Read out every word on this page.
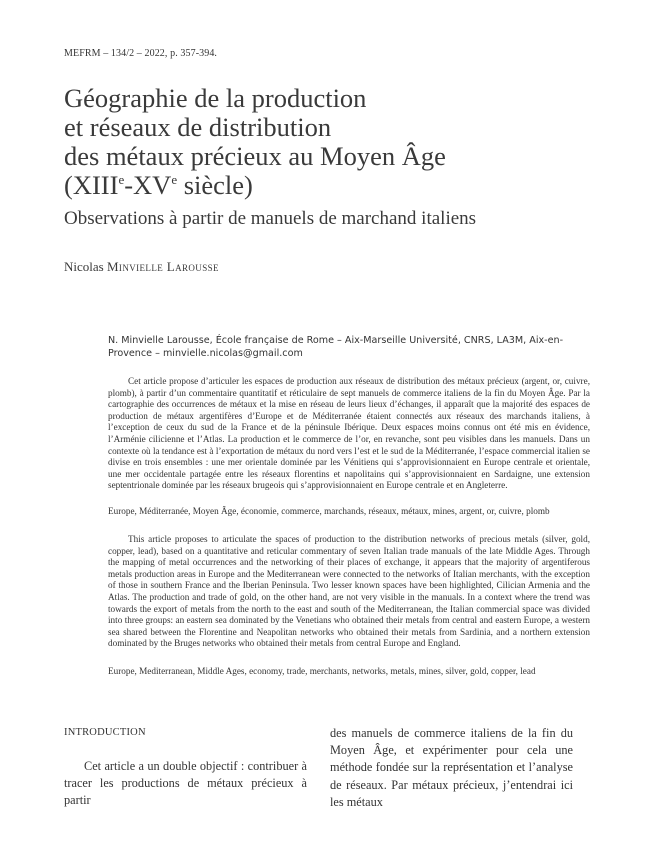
MEFRM – 134/2 – 2022, p. 357-394.
Géographie de la production
et réseaux de distribution
des métaux précieux au Moyen Âge
(XIIIe-XVe siècle)
Observations à partir de manuels de marchand italiens
Nicolas Minvielle Larousse
N. Minvielle Larousse, École française de Rome – Aix-Marseille Université, CNRS, LA3M, Aix-en-Provence – minvielle.nicolas@gmail.com

Cet article propose d’articuler les espaces de production aux réseaux de distribution des métaux précieux (argent, or, cuivre, plomb), à partir d’un commentaire quantitatif et réticulaire de sept manuels de commerce italiens de la fin du Moyen Âge. Par la cartographie des occurrences de métaux et la mise en réseau de leurs lieux d’échanges, il apparaît que la majorité des espaces de production de métaux argentifères d’Europe et de Méditerranée étaient connectés aux réseaux des marchands italiens, à l’exception de ceux du sud de la France et de la péninsule Ibérique. Deux espaces moins connus ont été mis en évidence, l’Arménie cilicienne et l’Atlas. La production et le commerce de l’or, en revanche, sont peu visibles dans les manuels. Dans un contexte où la tendance est à l’exportation de métaux du nord vers l’est et le sud de la Méditerranée, l’espace commercial italien se divise en trois ensembles : une mer orientale dominée par les Vénitiens qui s’approvisionnaient en Europe centrale et orientale, une mer occidentale partagée entre les réseaux florentins et napolitains qui s’approvisionnaient en Sardaigne, une extension septentrionale dominée par les réseaux brugeois qui s’approvisionnaient en Europe centrale et en Angleterre.

Europe, Méditerranée, Moyen Âge, économie, commerce, marchands, réseaux, métaux, mines, argent, or, cuivre, plomb

This article proposes to articulate the spaces of production to the distribution networks of precious metals (silver, gold, copper, lead), based on a quantitative and reticular commentary of seven Italian trade manuals of the late Middle Ages. Through the mapping of metal occurrences and the networking of their places of exchange, it appears that the majority of argentiferous metals production areas in Europe and the Mediterranean were connected to the networks of Italian merchants, with the exception of those in southern France and the Iberian Peninsula. Two lesser known spaces have been highlighted, Cilician Armenia and the Atlas. The production and trade of gold, on the other hand, are not very visible in the manuals. In a context where the trend was towards the export of metals from the north to the east and south of the Mediterranean, the Italian commercial space was divided into three groups: an eastern sea dominated by the Venetians who obtained their metals from central and eastern Europe, a western sea shared between the Florentine and Neapolitan networks who obtained their metals from Sardinia, and a northern extension dominated by the Bruges networks who obtained their metals from central Europe and England.

Europe, Mediterranean, Middle Ages, economy, trade, merchants, networks, metals, mines, silver, gold, copper, lead
INTRODUCTION
Cet article a un double objectif : contribuer à tracer les productions de métaux précieux à partir
des manuels de commerce italiens de la fin du Moyen Âge, et expérimenter pour cela une méthode fondée sur la représentation et l’analyse de réseaux. Par métaux précieux, j’entendrai ici les métaux
